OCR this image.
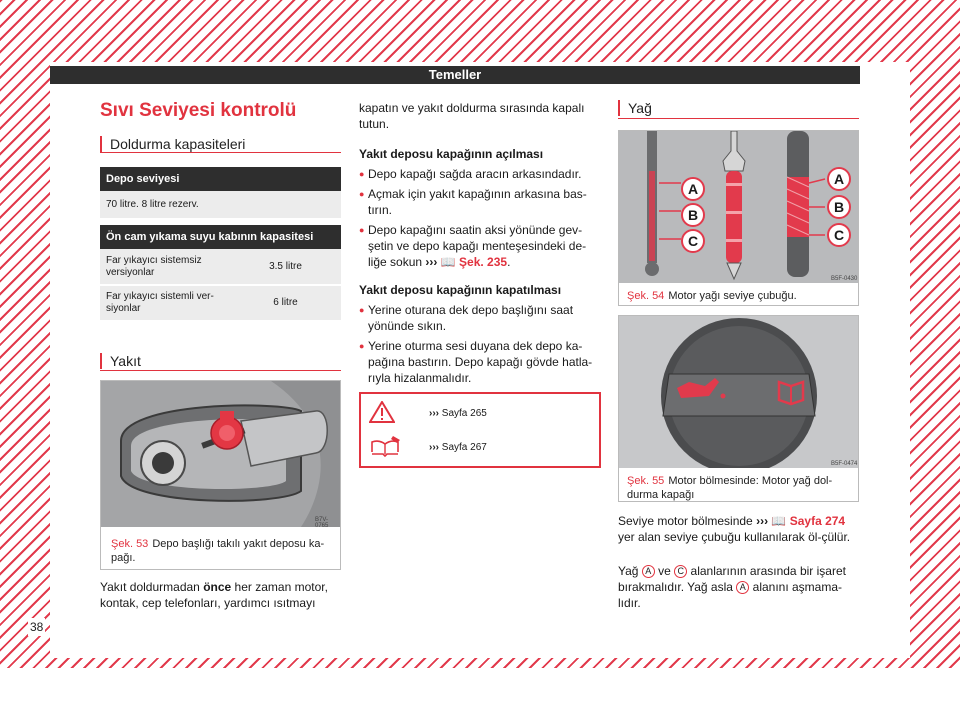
38
Temeller
Sıvı Seviyesi kontrolü
Doldurma kapasiteleri
Depo seviyesi
70 litre. 8 litre rezerv.
Ön cam yıkama suyu kabının kapasitesi	
Far yıkayıcı sistemsiz versiyonlar	3.5 litre
Far yıkayıcı sistemli ver-siyonlar	6 litre
Yakıt
B7V-0765
Şek. 53 Depo başlığı takılı yakıt deposu ka-pağı.
Yakıt doldurmadan önce her zaman motor, kontak, cep telefonları, yardımcı ısıtmayı
kapatın ve yakıt doldurma sırasında kapalı tutun.
Yakıt deposu kapağının açılması
● Depo kapağı sağda aracın arkasındadır.
● Açmak için yakıt kapağının arkasına bas-tırın.
● Depo kapağını saatin aksi yönünde gev-şetin ve depo kapağı menteşesindeki de-liğe sokun ››› 📖 Şek. 235.
Yakıt deposu kapağının kapatılması
● Yerine oturana dek depo başlığını saat yönünde sıkın.
● Yerine oturma sesi duyana dek depo ka-pağına bastırın. Depo kapağı gövde hatla-rıyla hizalanmalıdır.
››› Sayfa 265
››› Sayfa 267
Yağ
A
B
C
A
B
C
B5F-0430
Şek. 54 Motor yağı seviye çubuğu.
B5F-0474
Şek. 55 Motor bölmesinde: Motor yağ dol-durma kapağı
Seviye motor bölmesinde ››› 📖 Sayfa 274 yer alan seviye çubuğu kullanılarak öl-çülür.
Yağ A ve C alanlarının arasında bir işaret bırakmalıdır. Yağ asla A alanını aşmama-lıdır.
